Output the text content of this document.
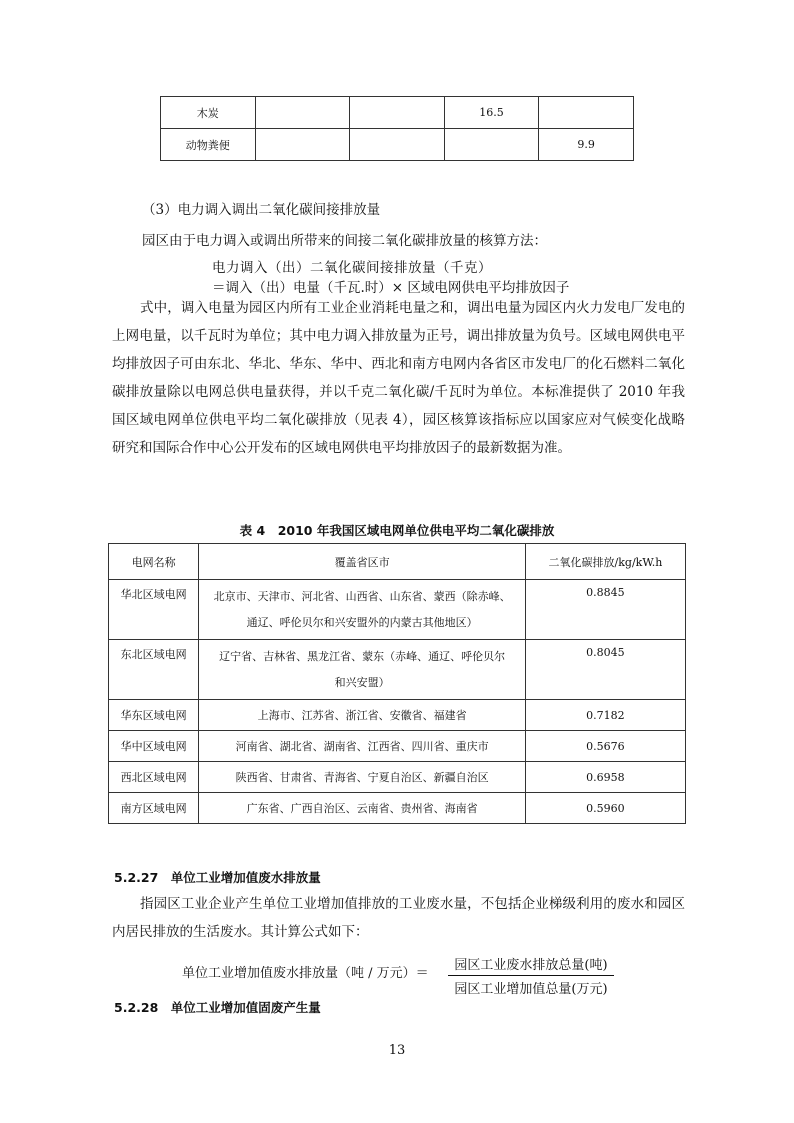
木炭			16.5	
动物粪便				9.9
（3）电力调入调出二氧化碳间接排放量
园区由于电力调入或调出所带来的间接二氧化碳排放量的核算方法：
电力调入（出）二氧化碳间接排放量（千克）
＝调入（出）电量（千瓦.时）× 区域电网供电平均排放因子
式中，调入电量为园区内所有工业企业消耗电量之和，调出电量为园区内火力发电厂发电的上网电量，以千瓦时为单位；其中电力调入排放量为正号，调出排放量为负号。区域电网供电平均排放因子可由东北、华北、华东、华中、西北和南方电网内各省区市发电厂的化石燃料二氧化碳排放量除以电网总供电量获得，并以千克二氧化碳/千瓦时为单位。本标准提供了 2010 年我国区域电网单位供电平均二氧化碳排放（见表 4），园区核算该指标应以国家应对气候变化战略研究和国际合作中心公开发布的区域电网供电平均排放因子的最新数据为准。
表 4　2010 年我国区域电网单位供电平均二氧化碳排放
电网名称	覆盖省区市	二氧化碳排放/kg/kW.h
华北区域电网	北京市、天津市、河北省、山西省、山东省、蒙西（除赤峰、
通辽、呼伦贝尔和兴安盟外的内蒙古其他地区）	0.8845
东北区域电网	辽宁省、吉林省、黑龙江省、蒙东（赤峰、通辽、呼伦贝尔
和兴安盟）	0.8045
华东区域电网	上海市、江苏省、浙江省、安徽省、福建省	0.7182
华中区域电网	河南省、湖北省、湖南省、江西省、四川省、重庆市	0.5676
西北区域电网	陕西省、甘肃省、青海省、宁夏自治区、新疆自治区	0.6958
南方区域电网	广东省、广西自治区、云南省、贵州省、海南省	0.5960
5.2.27　单位工业增加值废水排放量
指园区工业企业产生单位工业增加值排放的工业废水量，不包括企业梯级利用的废水和园区内居民排放的生活废水。其计算公式如下：
单位工业增加值废水排放量（吨 / 万元）＝
园区工业废水排放总量(吨)
园区工业增加值总量(万元)
5.2.28　单位工业增加值固废产生量
13
